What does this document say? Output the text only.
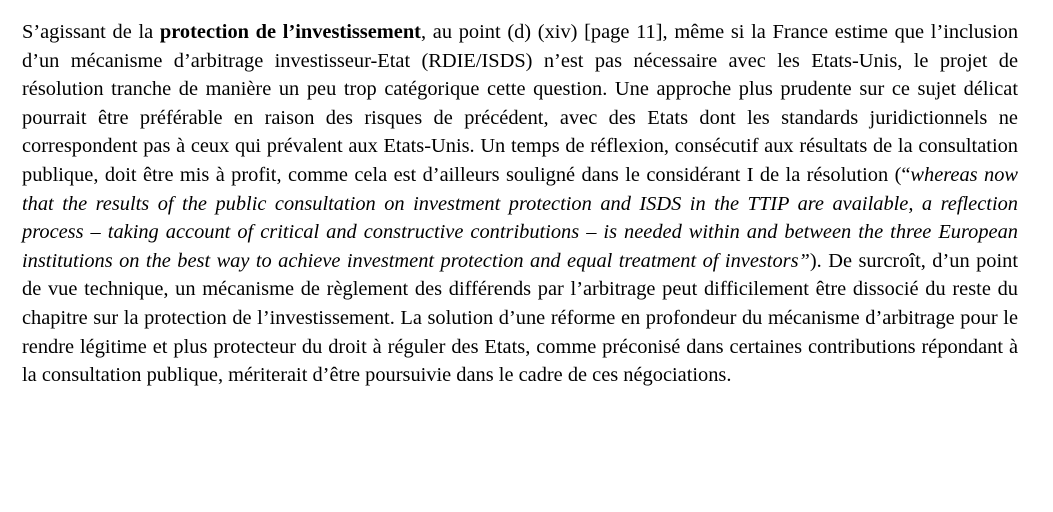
S’agissant de la protection de l’investissement, au point (d) (xiv) [page 11], même si la France estime que l’inclusion d’un mécanisme d’arbitrage investisseur-Etat (RDIE/ISDS) n’est pas nécessaire avec les Etats-Unis, le projet de résolution tranche de manière un peu trop catégorique cette question. Une approche plus prudente sur ce sujet délicat pourrait être préférable en raison des risques de précédent, avec des Etats dont les standards juridictionnels ne correspondent pas à ceux qui prévalent aux Etats-Unis. Un temps de réflexion, consécutif aux résultats de la consultation publique, doit être mis à profit, comme cela est d’ailleurs souligné dans le considérant I de la résolution (“whereas now that the results of the public consultation on investment protection and ISDS in the TTIP are available, a reflection process – taking account of critical and constructive contributions – is needed within and between the three European institutions on the best way to achieve investment protection and equal treatment of investors”). De surcroît, d’un point de vue technique, un mécanisme de règlement des différends par l’arbitrage peut difficilement être dissocié du reste du chapitre sur la protection de l’investissement. La solution d’une réforme en profondeur du mécanisme d’arbitrage pour le rendre légitime et plus protecteur du droit à réguler des Etats, comme préconisé dans certaines contributions répondant à la consultation publique, mériterait d’être poursuivie dans le cadre de ces négociations.
